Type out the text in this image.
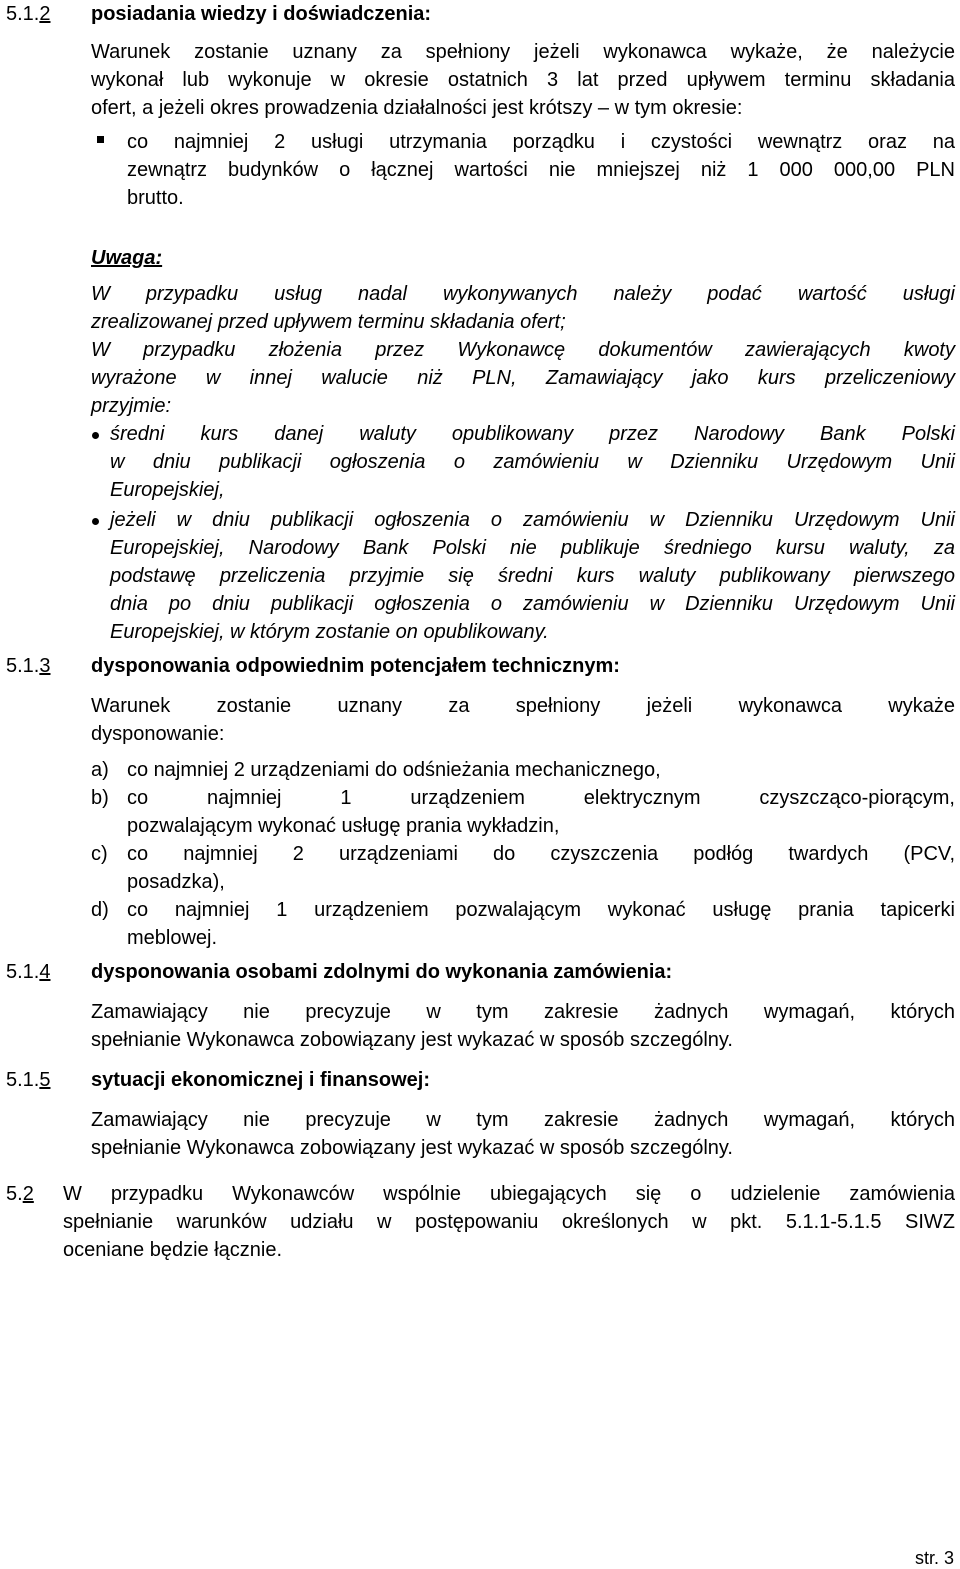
5.1.2 posiadania wiedzy i doświadczenia:
Warunek zostanie uznany za spełniony jeżeli wykonawca wykaże, że należycie
wykonał lub wykonuje w okresie ostatnich 3 lat przed upływem terminu składania
ofert, a jeżeli okres prowadzenia działalności jest krótszy – w tym okresie:
co najmniej 2 usługi utrzymania porządku i czystości wewnątrz oraz na
zewnątrz budynków o łącznej wartości nie mniejszej niż 1 000 000,00 PLN
brutto.
Uwaga:
W przypadku usług nadal wykonywanych należy podać wartość usługi
zrealizowanej przed upływem terminu składania ofert;
W przypadku złożenia przez Wykonawcę dokumentów zawierających kwoty
wyrażone w innej walucie niż PLN, Zamawiający jako kurs przeliczeniowy
przyjmie:
średni kurs danej waluty opublikowany przez Narodowy Bank Polski
w dniu publikacji ogłoszenia o zamówieniu w Dzienniku Urzędowym Unii
Europejskiej,
jeżeli w dniu publikacji ogłoszenia o zamówieniu w Dzienniku Urzędowym Unii
Europejskiej, Narodowy Bank Polski nie publikuje średniego kursu waluty, za
podstawę przeliczenia przyjmie się średni kurs waluty publikowany pierwszego
dnia po dniu publikacji ogłoszenia o zamówieniu w Dzienniku Urzędowym Unii
Europejskiej, w którym zostanie on opublikowany.
5.1.3 dysponowania odpowiednim potencjałem technicznym:
Warunek zostanie uznany za spełniony jeżeli wykonawca wykaże
dysponowanie:
a) co najmniej 2 urządzeniami do odśnieżania mechanicznego,
b) co najmniej 1 urządzeniem elektrycznym czyszcząco-piorącym,
pozwalającym wykonać usługę prania wykładzin,
c) co najmniej 2 urządzeniami do czyszczenia podłóg twardych (PCV,
posadzka),
d) co najmniej 1 urządzeniem pozwalającym wykonać usługę prania tapicerki
meblowej.
5.1.4 dysponowania osobami zdolnymi do wykonania zamówienia:
Zamawiający nie precyzuje w tym zakresie żadnych wymagań, których
spełnianie Wykonawca zobowiązany jest wykazać w sposób szczególny.
5.1.5 sytuacji ekonomicznej i finansowej:
Zamawiający nie precyzuje w tym zakresie żadnych wymagań, których
spełnianie Wykonawca zobowiązany jest wykazać w sposób szczególny.
5.2 W przypadku Wykonawców wspólnie ubiegających się o udzielenie zamówienia
spełnianie warunków udziału w postępowaniu określonych w pkt. 5.1.1-5.1.5 SIWZ
oceniane będzie łącznie.
str. 3
